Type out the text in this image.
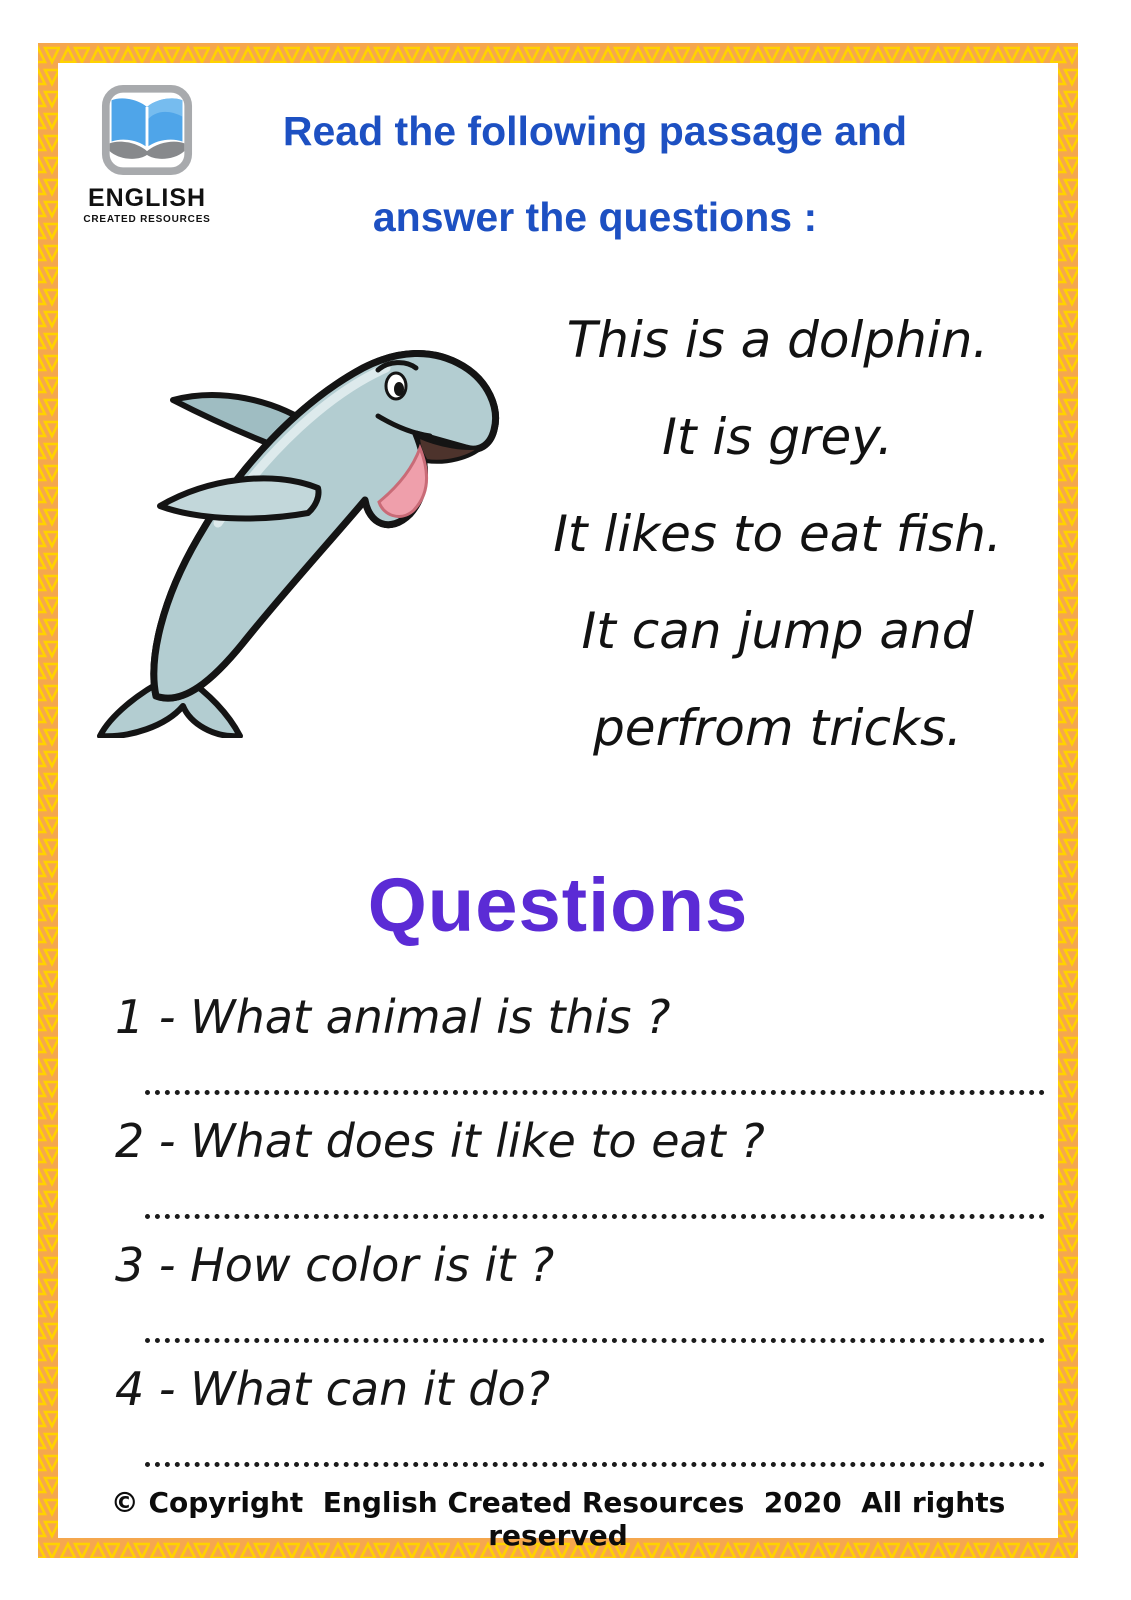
ENGLISH
CREATED RESOURCES
Read the following passage and
answer the questions :
This is a dolphin.
It is grey.
It likes to eat fish.
It can jump and
perfrom tricks.
Questions
1 - What animal is this ?
2 - What does it like to eat ?
3 - How color is it ?
4 - What can it do?
© Copyright  English Created Resources  2020  All rights reserved
